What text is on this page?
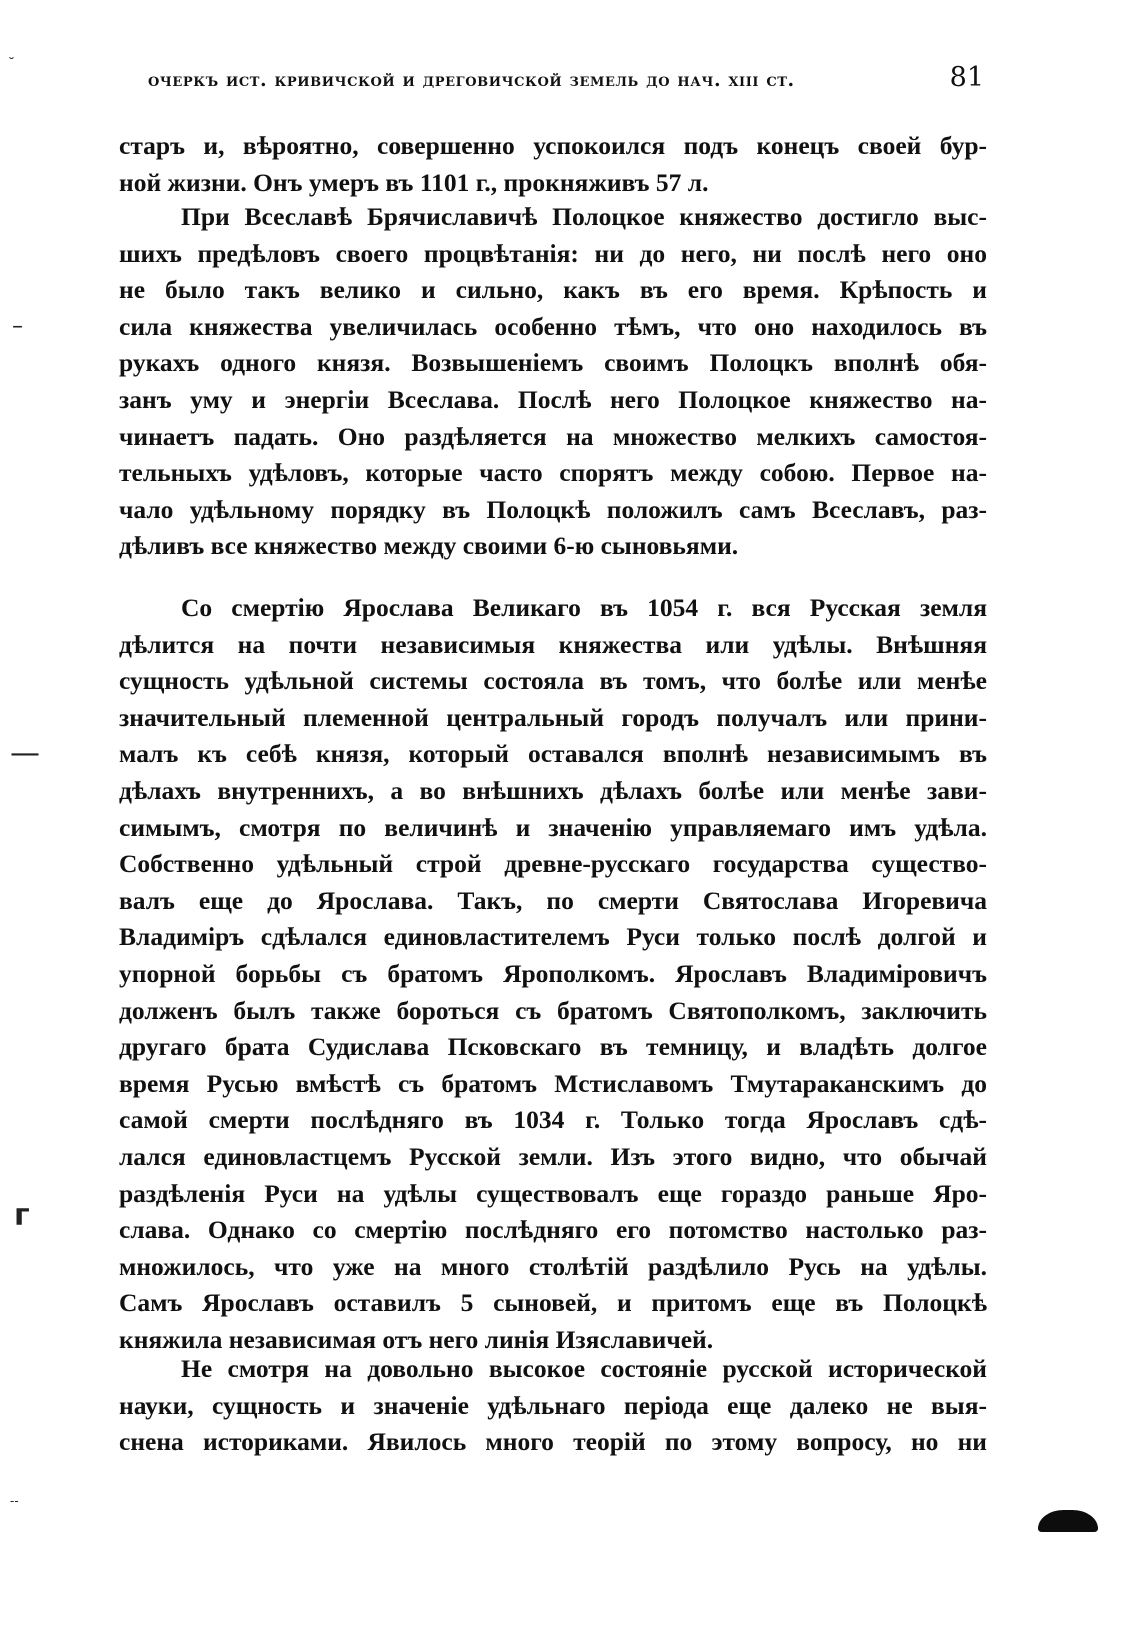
очеркъ ист. кривичской и дреговичской земель до нач. xiii ст.	81
старъ и, вѣроятно, совершенно успокоился подъ конецъ своей бур-
ной жизни. Онъ умеръ въ 1101 г., прокняживъ 57 л.
При Всеславѣ Брячиславичѣ Полоцкое княжество достигло выс-
шихъ предѣловъ своего процвѣтанія: ни до него, ни послѣ него оно
не было такъ велико и сильно, какъ въ его время. Крѣпость и
сила княжества увеличилась особенно тѣмъ, что оно находилось въ
рукахъ одного князя. Возвышеніемъ своимъ Полоцкъ вполнѣ обя-
занъ уму и энергіи Всеслава. Послѣ него Полоцкое княжество на-
чинаетъ падать. Оно раздѣляется на множество мелкихъ самостоя-
тельныхъ удѣловъ, которые часто спорятъ между собою. Первое на-
чало удѣльному порядку въ Полоцкѣ положилъ самъ Всеславъ, раз-
дѣливъ все княжество между своими 6-ю сыновьями.
Со смертію Ярослава Великаго въ 1054 г. вся Русская земля
дѣлится на почти независимыя княжества или удѣлы. Внѣшняя
сущность удѣльной системы состояла въ томъ, что болѣе или менѣе
значительный племенной центральный городъ получалъ или прини-
малъ къ себѣ князя, который оставался вполнѣ независимымъ въ
дѣлахъ внутреннихъ, а во внѣшнихъ дѣлахъ болѣе или менѣе зави-
симымъ, смотря по величинѣ и значенію управляемаго имъ удѣла.
Собственно удѣльный строй древне-русскаго государства существо-
валъ еще до Ярослава. Такъ, по смерти Святослава Игоревича
Владиміръ сдѣлался единовластителемъ Руси только послѣ долгой и
упорной борьбы съ братомъ Ярополкомъ. Ярославъ Владиміровичъ
долженъ былъ также бороться съ братомъ Святополкомъ, заключить
другаго брата Судислава Псковскаго въ темницу, и владѣть долгое
время Русью вмѣстѣ съ братомъ Мстиславомъ Тмутараканскимъ до
самой смерти послѣдняго въ 1034 г. Только тогда Ярославъ сдѣ-
лался единовластцемъ Русской земли. Изъ этого видно, что обычай
раздѣленія Руси на удѣлы существовалъ еще гораздо раньше Яро-
слава. Однако со смертію послѣдняго его потомство настолько раз-
множилось, что уже на много столѣтій раздѣлило Русь на удѣлы.
Самъ Ярославъ оставилъ 5 сыновей, и притомъ еще въ Полоцкѣ
княжила независимая отъ него линія Изяславичей.
Не смотря на довольно высокое состояніе русской исторической
науки, сущность и значеніе удѣльнаго періода еще далеко не выя-
снена историками. Явилось много теорій по этому вопросу, но ни
˘
–
—
г
--
